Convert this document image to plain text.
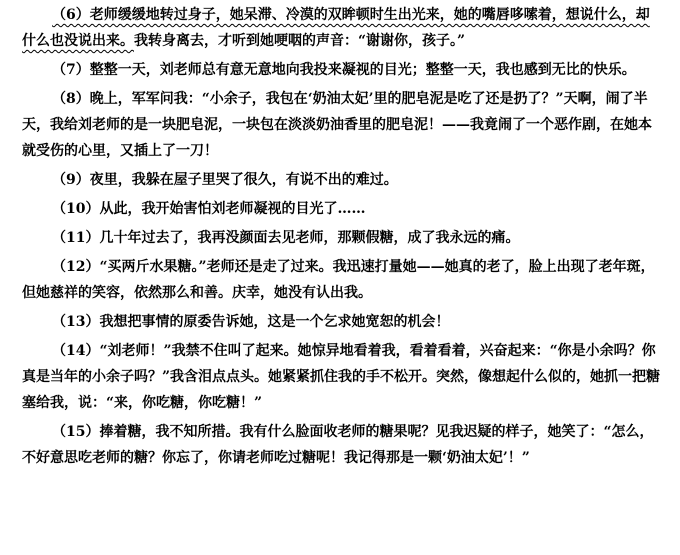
（6）老师缓缓地转过身子，她呆滞、冷漠的双眸顿时生出光来，她的嘴唇哆嗦着，想说什么，却什么也没说出来。我转身离去，才听到她哽咽的声音：“谢谢你，孩子。”

（7）整整一天，刘老师总有意无意地向我投来凝视的目光；整整一天，我也感到无比的快乐。

（8）晚上，军军问我：“小余子，我包在‘奶油太妃’里的肥皂泥是吃了还是扔了？”天啊，闹了半天，我给刘老师的是一块肥皂泥，一块包在淡淡奶油香里的肥皂泥！——我竟闹了一个恶作剧，在她本就受伤的心里，又插上了一刀！

（9）夜里，我躲在屋子里哭了很久，有说不出的难过。

（10）从此，我开始害怕刘老师凝视的目光了……

（11）几十年过去了，我再没颜面去见老师，那颗假糖，成了我永远的痛。

（12）“买两斤水果糖。”老师还是走了过来。我迅速打量她——她真的老了，脸上出现了老年斑，但她慈祥的笑容，依然那么和善。庆幸，她没有认出我。

（13）我想把事情的原委告诉她，这是一个乞求她宽恕的机会！

（14）“刘老师！”我禁不住叫了起来。她惊异地看着我，看着看着，兴奋起来：“你是小余吗？你真是当年的小余子吗？”我含泪点点头。她紧紧抓住我的手不松开。突然，像想起什么似的，她抓一把糖塞给我，说：“来，你吃糖，你吃糖！”

（15）捧着糖，我不知所措。我有什么脸面收老师的糖果呢？见我迟疑的样子，她笑了：“怎么，不好意思吃老师的糖？你忘了，你请老师吃过糖呢！我记得那是一颗‘奶油太妃’！”
